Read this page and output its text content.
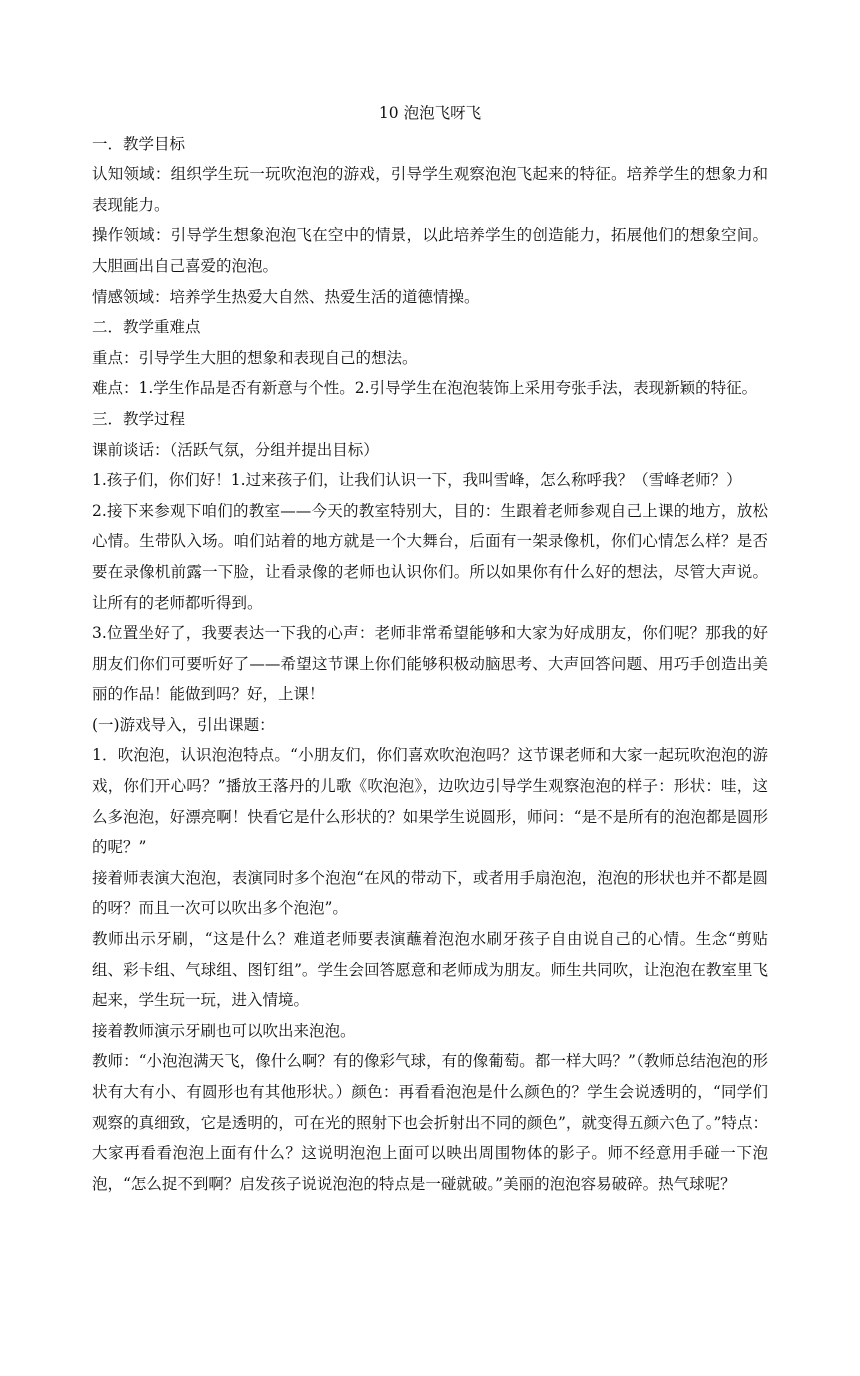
10 泡泡飞呀飞

一．教学目标

认知领域：组织学生玩一玩吹泡泡的游戏，引导学生观察泡泡飞起来的特征。培养学生的想象力和表现能力。

操作领域：引导学生想象泡泡飞在空中的情景，以此培养学生的创造能力，拓展他们的想象空间。大胆画出自己喜爱的泡泡。

情感领域：培养学生热爱大自然、热爱生活的道德情操。

二．教学重难点

重点：引导学生大胆的想象和表现自己的想法。

难点：1.学生作品是否有新意与个性。2.引导学生在泡泡装饰上采用夸张手法，表现新颖的特征。

三．教学过程

课前谈话：（活跃气氛，分组并提出目标）

1.孩子们，你们好！1.过来孩子们，让我们认识一下，我叫雪峰，怎么称呼我？（雪峰老师？）

2.接下来参观下咱们的教室——今天的教室特别大，目的：生跟着老师参观自己上课的地方，放松心情。生带队入场。咱们站着的地方就是一个大舞台，后面有一架录像机，你们心情怎么样？是否要在录像机前露一下脸，让看录像的老师也认识你们。所以如果你有什么好的想法，尽管大声说。让所有的老师都听得到。

3.位置坐好了，我要表达一下我的心声：老师非常希望能够和大家为好成朋友，你们呢？那我的好朋友们你们可要听好了——希望这节课上你们能够积极动脑思考、大声回答问题、用巧手创造出美丽的作品！能做到吗？好，上课！

(一)游戏导入，引出课题：

1．吹泡泡，认识泡泡特点。“小朋友们，你们喜欢吹泡泡吗？这节课老师和大家一起玩吹泡泡的游戏，你们开心吗？”播放王落丹的儿歌《吹泡泡》，边吹边引导学生观察泡泡的样子：形状：哇，这么多泡泡，好漂亮啊！快看它是什么形状的？如果学生说圆形，师问：“是不是所有的泡泡都是圆形的呢？”

接着师表演大泡泡，表演同时多个泡泡“在风的带动下，或者用手扇泡泡，泡泡的形状也并不都是圆的呀？而且一次可以吹出多个泡泡”。

教师出示牙刷，“这是什么？难道老师要表演蘸着泡泡水刷牙孩子自由说自己的心情。生念“剪贴组、彩卡组、气球组、图钉组”。学生会回答愿意和老师成为朋友。师生共同吹，让泡泡在教室里飞起来，学生玩一玩，进入情境。

接着教师演示牙刷也可以吹出来泡泡。

教师：“小泡泡满天飞，像什么啊？有的像彩气球，有的像葡萄。都一样大吗？”（教师总结泡泡的形状有大有小、有圆形也有其他形状。）颜色：再看看泡泡是什么颜色的？学生会说透明的，“同学们观察的真细致，它是透明的，可在光的照射下也会折射出不同的颜色”，就变得五颜六色了。”特点：大家再看看泡泡上面有什么？这说明泡泡上面可以映出周围物体的影子。师不经意用手碰一下泡泡，“怎么捉不到啊？启发孩子说说泡泡的特点是一碰就破。”美丽的泡泡容易破碎。热气球呢？
